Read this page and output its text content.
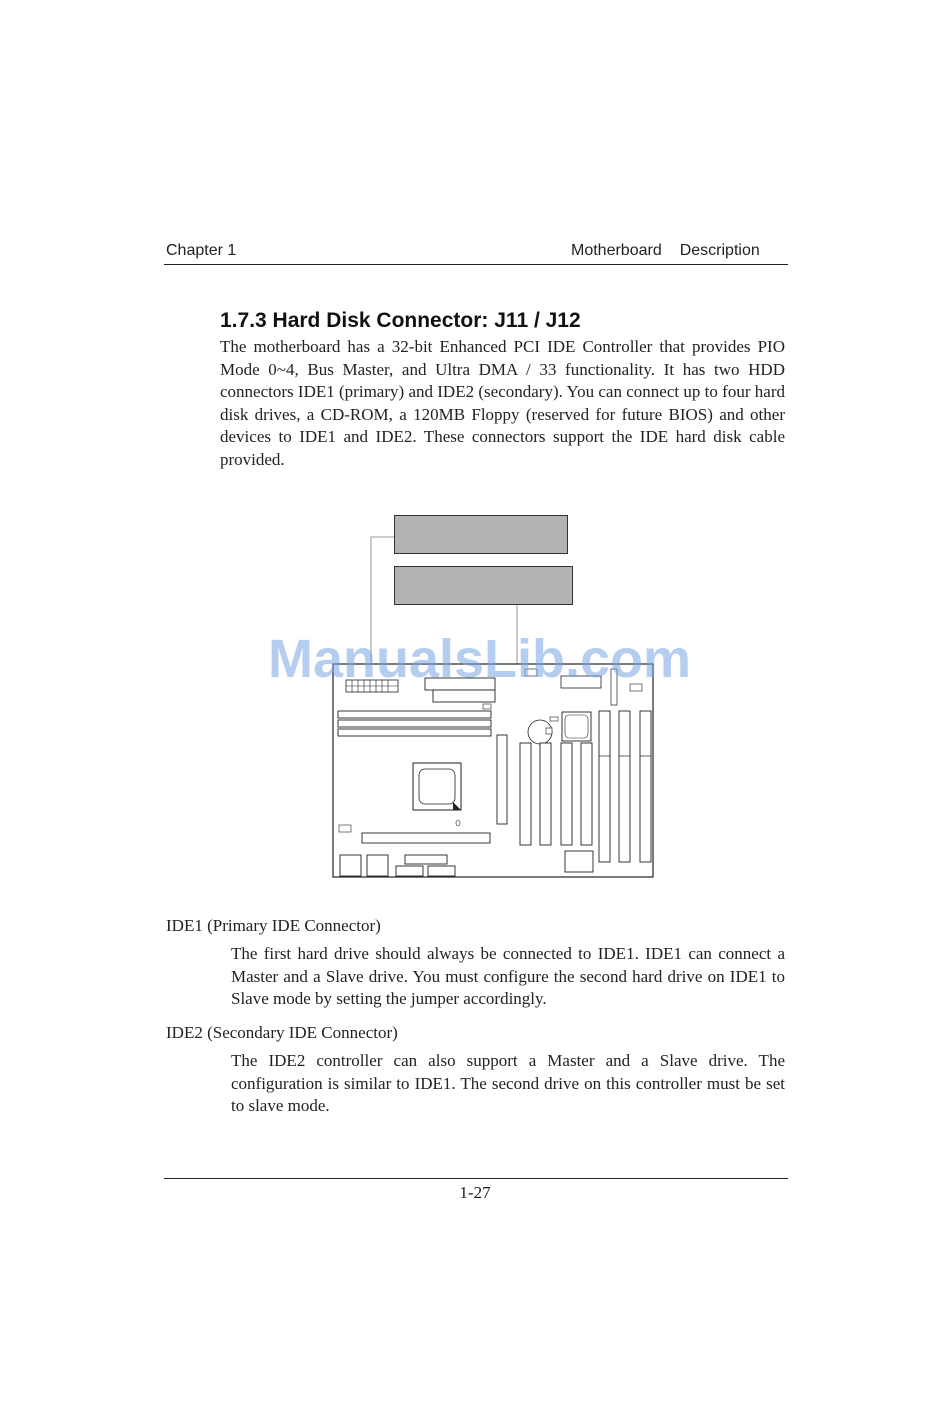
Chapter 1	Motherboard Description
1.7.3 Hard Disk Connector: J11 / J12
The motherboard has a 32-bit Enhanced PCI IDE Controller that provides PIO Mode 0~4, Bus Master, and Ultra DMA / 33 functionality. It has two HDD connectors IDE1 (primary) and IDE2 (secondary). You can connect up to four hard disk drives, a CD-ROM, a 120MB Floppy (reserved for future BIOS) and other devices to IDE1 and IDE2. These connectors support the IDE hard disk cable provided.
ManualsLib.com
IDE1 (Primary IDE Connector)
The first hard drive should always be connected to IDE1. IDE1 can connect a Master and a Slave drive. You must configure the second hard drive on IDE1 to Slave mode by setting the jumper accordingly.
IDE2 (Secondary IDE Connector)
The IDE2 controller can also support a Master and a Slave drive. The configuration is similar to IDE1. The second drive on this controller must be set to slave mode.
1-27
